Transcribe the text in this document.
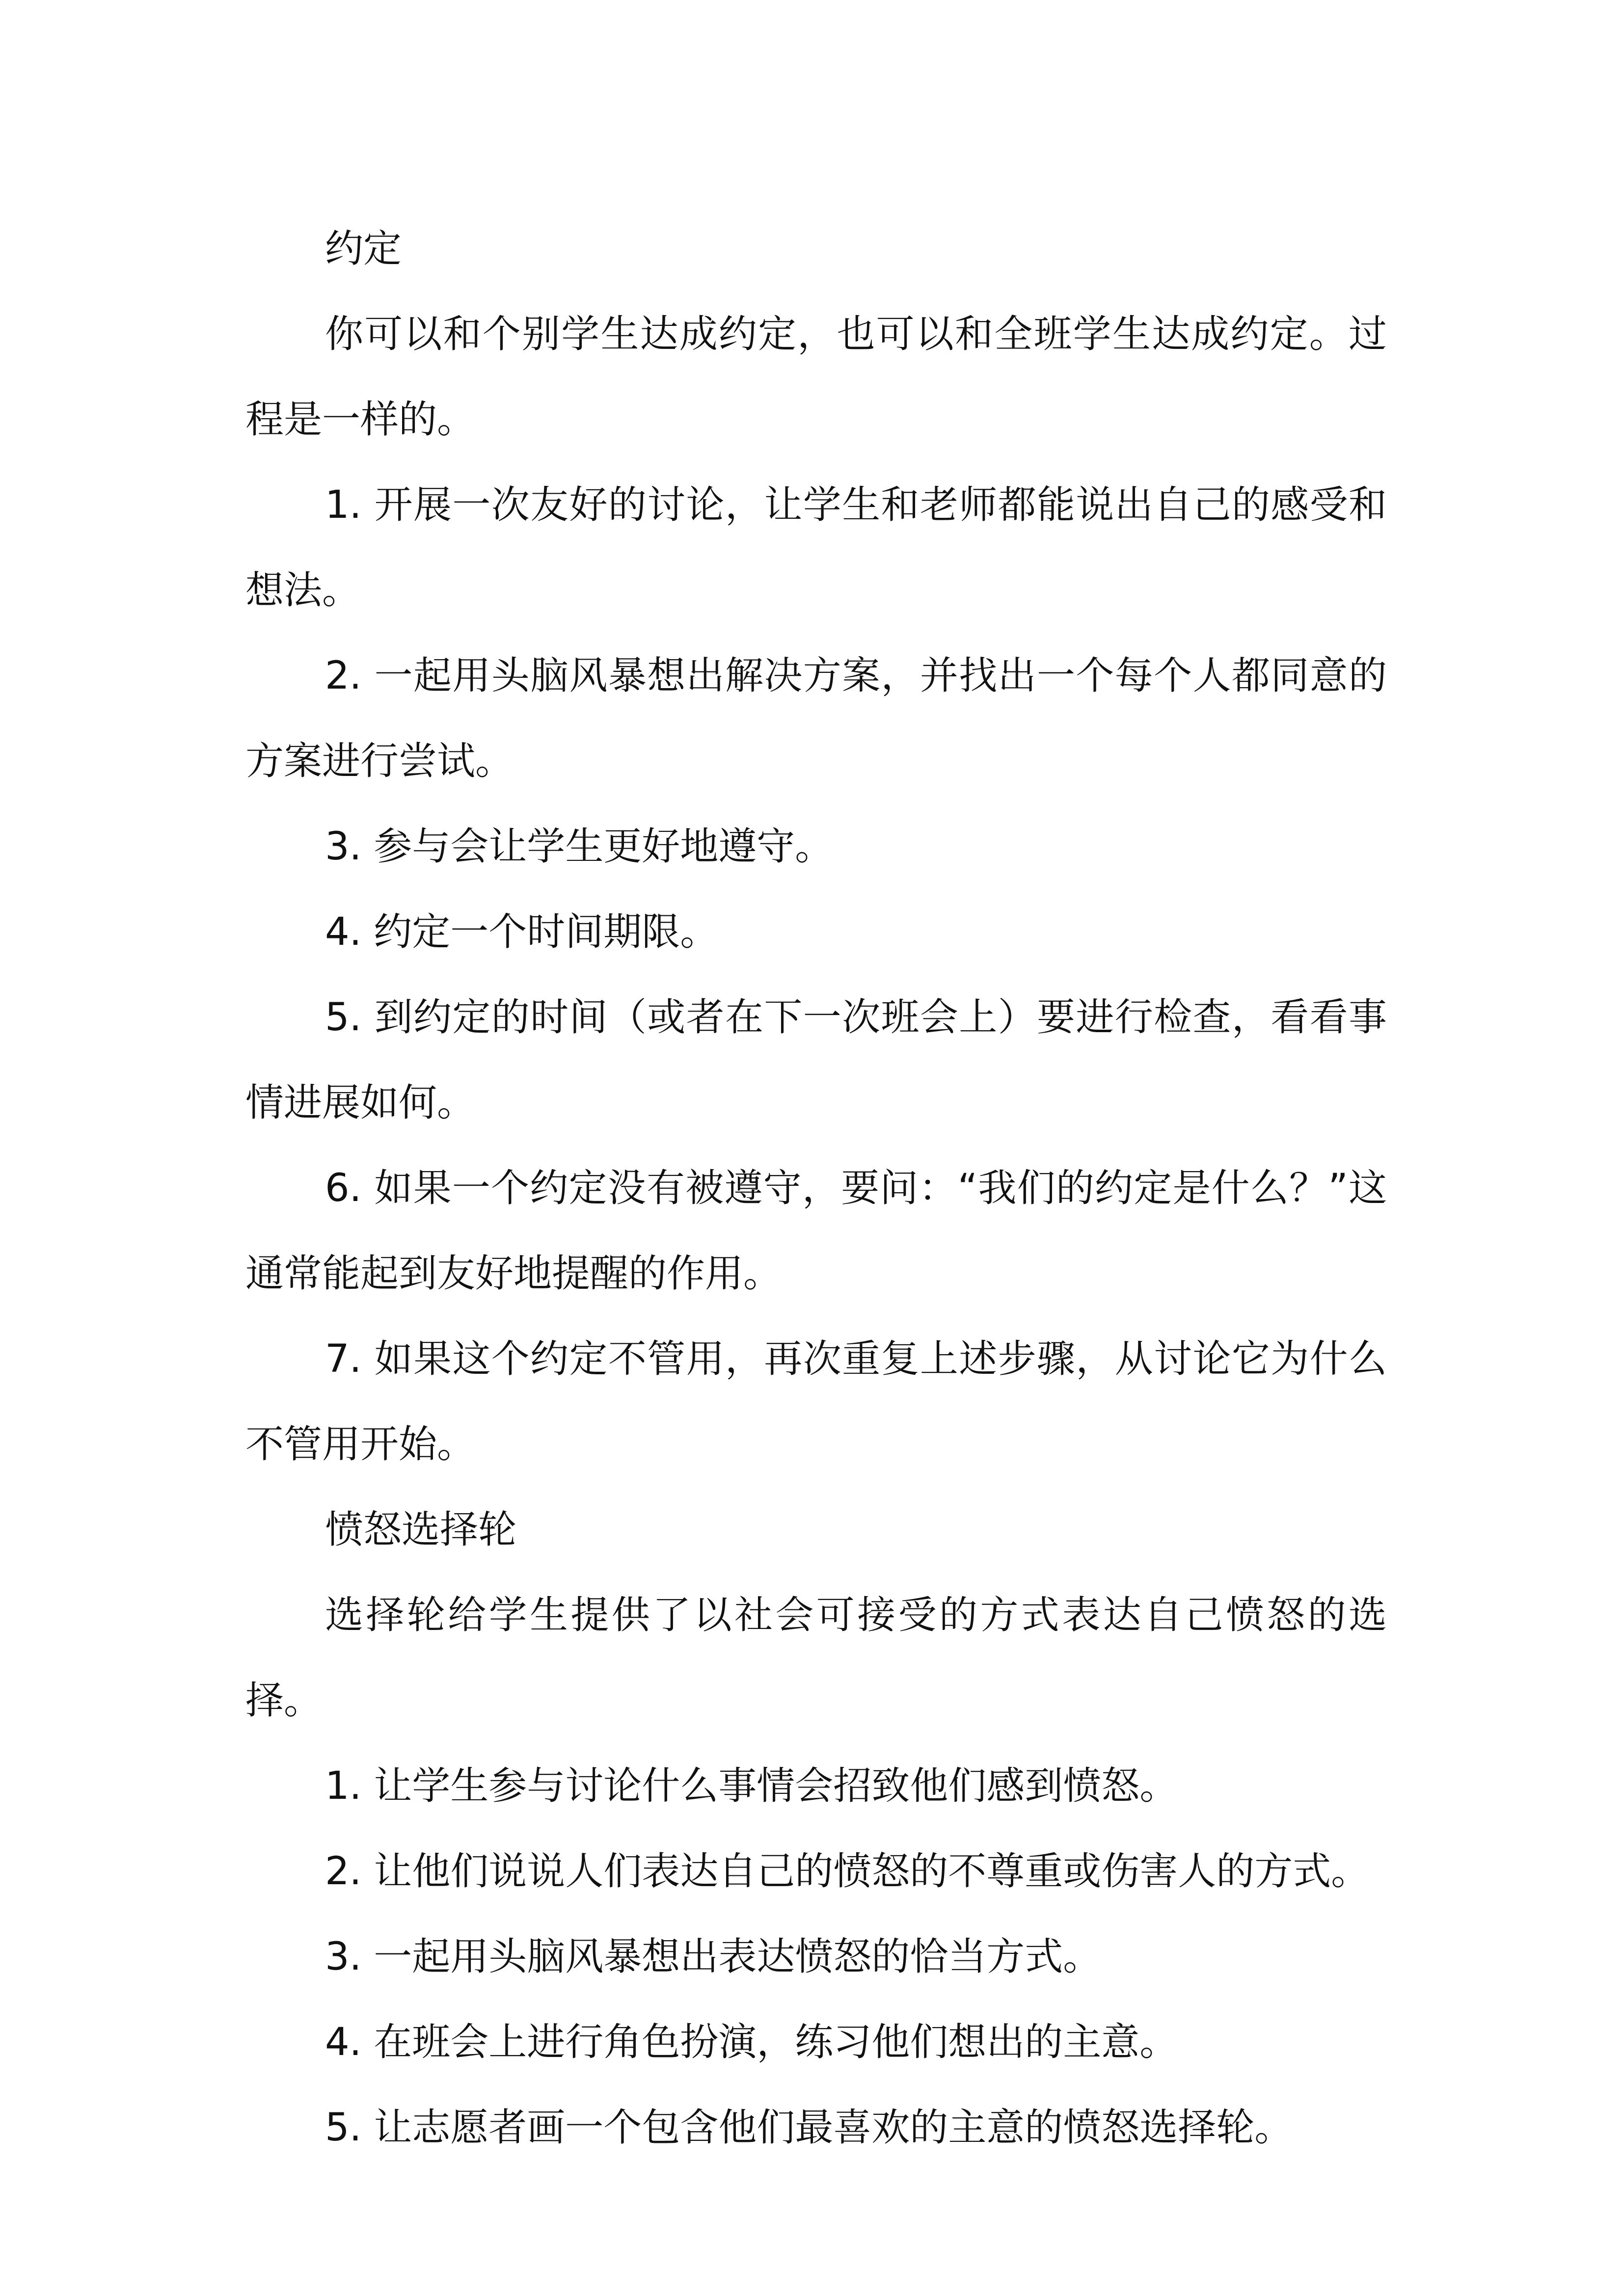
约定

你可以和个别学生达成约定，也可以和全班学生达成约定。过程是一样的。

1. 开展一次友好的讨论，让学生和老师都能说出自己的感受和想法。

2. 一起用头脑风暴想出解决方案，并找出一个每个人都同意的方案进行尝试。

3. 参与会让学生更好地遵守。

4. 约定一个时间期限。

5. 到约定的时间（或者在下一次班会上）要进行检查，看看事情进展如何。

6. 如果一个约定没有被遵守，要问：“我们的约定是什么？”这通常能起到友好地提醒的作用。

7. 如果这个约定不管用，再次重复上述步骤，从讨论它为什么不管用开始。

愤怒选择轮

选择轮给学生提供了以社会可接受的方式表达自己愤怒的选择。

1. 让学生参与讨论什么事情会招致他们感到愤怒。

2. 让他们说说人们表达自己的愤怒的不尊重或伤害人的方式。

3. 一起用头脑风暴想出表达愤怒的恰当方式。

4. 在班会上进行角色扮演，练习他们想出的主意。

5. 让志愿者画一个包含他们最喜欢的主意的愤怒选择轮。
